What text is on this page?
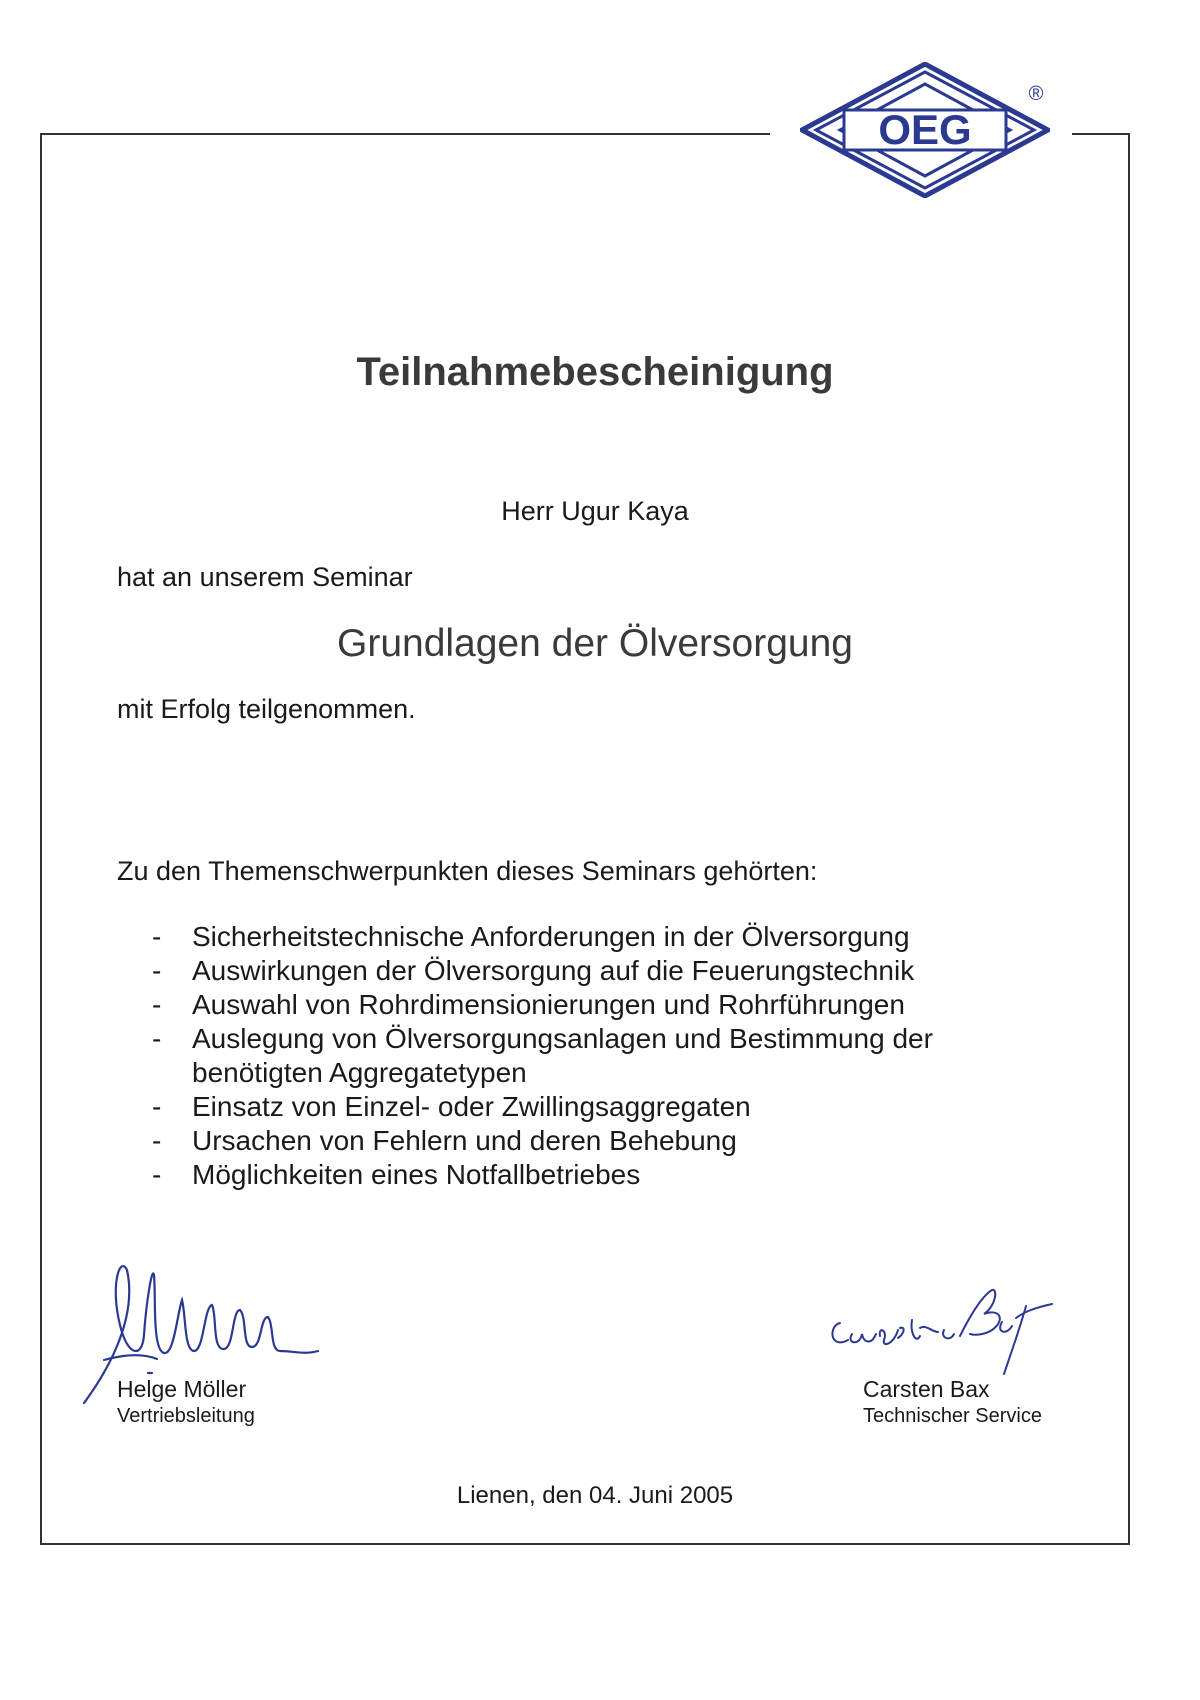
OEG
®
Teilnahmebescheinigung
Herr Ugur Kaya
hat an unserem Seminar
Grundlagen der Ölversorgung
mit Erfolg teilgenommen.
Zu den Themenschwerpunkten dieses Seminars gehörten:
- Sicherheitstechnische Anforderungen in der Ölversorgung
- Auswirkungen der Ölversorgung auf die Feuerungstechnik
- Auswahl von Rohrdimensionierungen und Rohrführungen
- Auslegung von Ölversorgungsanlagen und Bestimmung der benötigten Aggregatetypen
- Einsatz von Einzel- oder Zwillingsaggregaten
- Ursachen von Fehlern und deren Behebung
- Möglichkeiten eines Notfallbetriebes
Helge Möller
Vertriebsleitung
Carsten Bax
Technischer Service
Lienen, den 04. Juni 2005
